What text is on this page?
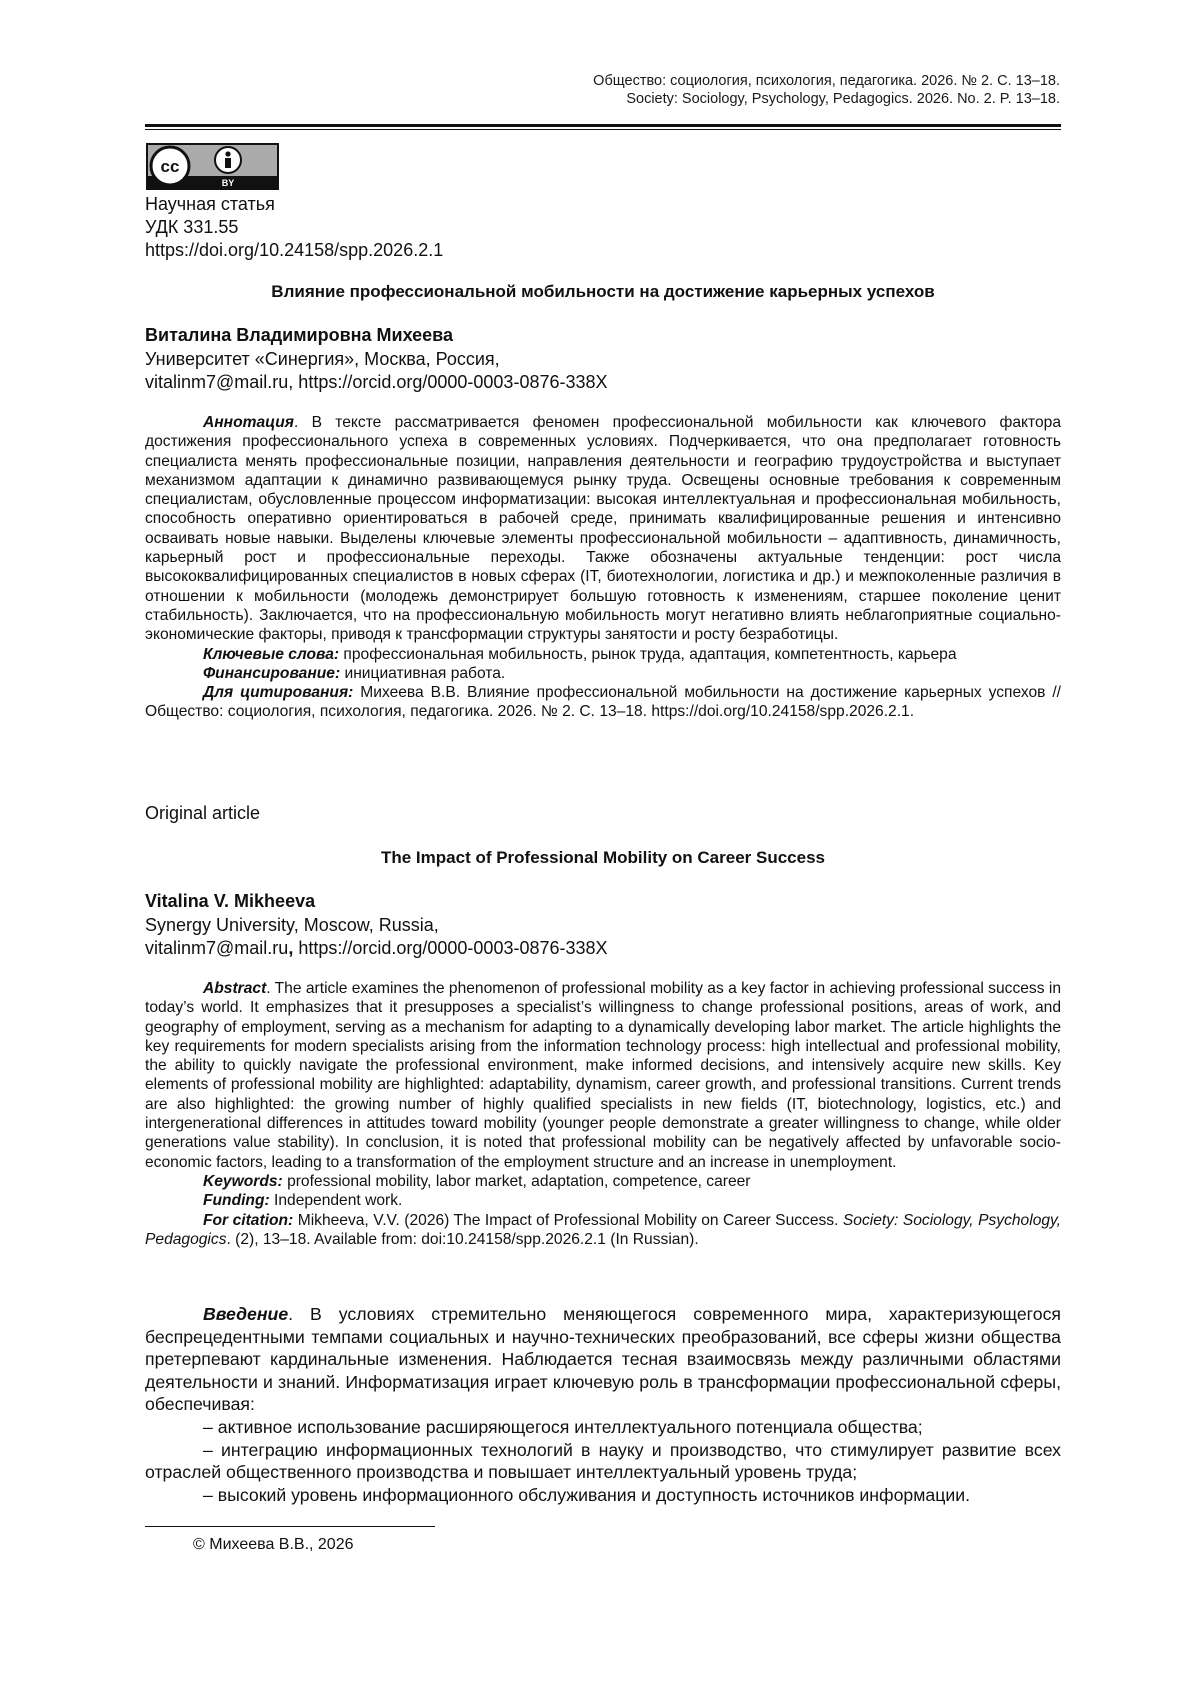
Общество: социология, психология, педагогика. 2026. № 2. С. 13–18.
Society: Sociology, Psychology, Pedagogics. 2026. No. 2. P. 13–18.
cc
BY
Научная статья
УДК 331.55
https://doi.org/10.24158/spp.2026.2.1
Влияние профессиональной мобильности на достижение карьерных успехов
Виталина Владимировна Михеева
Университет «Синергия», Москва, Россия,
vitalinm7@mail.ru, https://orcid.org/0000-0003-0876-338X

Аннотация. В тексте рассматривается феномен профессиональной мобильности как ключевого фактора достижения профессионального успеха в современных условиях. Подчеркивается, что она предполагает готовность специалиста менять профессиональные позиции, направления деятельности и географию трудоустройства и выступает механизмом адаптации к динамично развивающемуся рынку труда. Освещены основные требования к современным специалистам, обусловленные процессом информатизации: высокая интеллектуальная и профессиональная мобильность, способность оперативно ориентироваться в рабочей среде, принимать квалифицированные решения и интенсивно осваивать новые навыки. Выделены ключевые элементы профессиональной мобильности – адаптивность, динамичность, карьерный рост и профессиональные переходы. Также обозначены актуальные тенденции: рост числа высококвалифицированных специалистов в новых сферах (IT, биотехнологии, логистика и др.) и межпоколенные различия в отношении к мобильности (молодежь демонстрирует большую готовность к изменениям, старшее поколение ценит стабильность). Заключается, что на профессиональную мобильность могут негативно влиять неблагоприятные социально-экономические факторы, приводя к трансформации структуры занятости и росту безработицы.

Ключевые слова: профессиональная мобильность, рынок труда, адаптация, компетентность, карьера

Финансирование: инициативная работа.

Для цитирования: Михеева В.В. Влияние профессиональной мобильности на достижение карьерных успехов // Общество: социология, психология, педагогика. 2026. № 2. С. 13–18. https://doi.org/10.24158/spp.2026.2.1.

Original article
The Impact of Professional Mobility on Career Success
Vitalina V. Mikheeva
Synergy University, Moscow, Russia,
vitalinm7@mail.ru, https://orcid.org/0000-0003-0876-338X

Abstract. The article examines the phenomenon of professional mobility as a key factor in achieving professional success in today’s world. It emphasizes that it presupposes a specialist’s willingness to change professional positions, areas of work, and geography of employment, serving as a mechanism for adapting to a dynamically developing labor market. The article highlights the key requirements for modern specialists arising from the information technology process: high intellectual and professional mobility, the ability to quickly navigate the professional environment, make informed decisions, and intensively acquire new skills. Key elements of professional mobility are highlighted: adaptability, dynamism, career growth, and professional transitions. Current trends are also highlighted: the growing number of highly qualified specialists in new fields (IT, biotechnology, logistics, etc.) and intergenerational differences in attitudes toward mobility (younger people demonstrate a greater willingness to change, while older generations value stability). In conclusion, it is noted that professional mobility can be negatively affected by unfavorable socio-economic factors, leading to a transformation of the employment structure and an increase in unemployment.

Keywords: professional mobility, labor market, adaptation, competence, career

Funding: Independent work.

For citation: Mikheeva, V.V. (2026) The Impact of Professional Mobility on Career Success. Society: Sociology, Psychology, Pedagogics. (2), 13–18. Available from: doi:10.24158/spp.2026.2.1 (In Russian).

Введение. В условиях стремительно меняющегося современного мира, характеризующегося беспрецедентными темпами социальных и научно-технических преобразований, все сферы жизни общества претерпевают кардинальные изменения. Наблюдается тесная взаимосвязь между различными областями деятельности и знаний. Информатизация играет ключевую роль в трансформации профессиональной сферы, обеспечивая:

– активное использование расширяющегося интеллектуального потенциала общества;

– интеграцию информационных технологий в науку и производство, что стимулирует развитие всех отраслей общественного производства и повышает интеллектуальный уровень труда;

– высокий уровень информационного обслуживания и доступность источников информации.

© Михеева В.В., 2026
